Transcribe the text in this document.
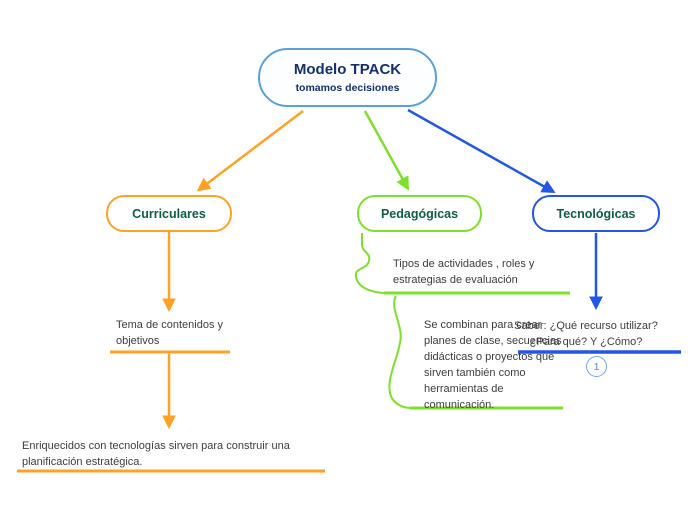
Modelo TPACK
tomamos decisiones
Curriculares	Pedagógicas	Tecnológicas
Tema de contenidos y objetivos
Enriquecidos con tecnologías sirven para construir una planificación estratégica.
Tipos de actividades , roles y estrategias de evaluación
Se combinan para crear planes de clase, secuencias didácticas o proyectos que sirven también como herramientas de comunicación.
Saber: ¿Qué recurso utilizar? ¿Para qué? Y ¿Cómo?
1
